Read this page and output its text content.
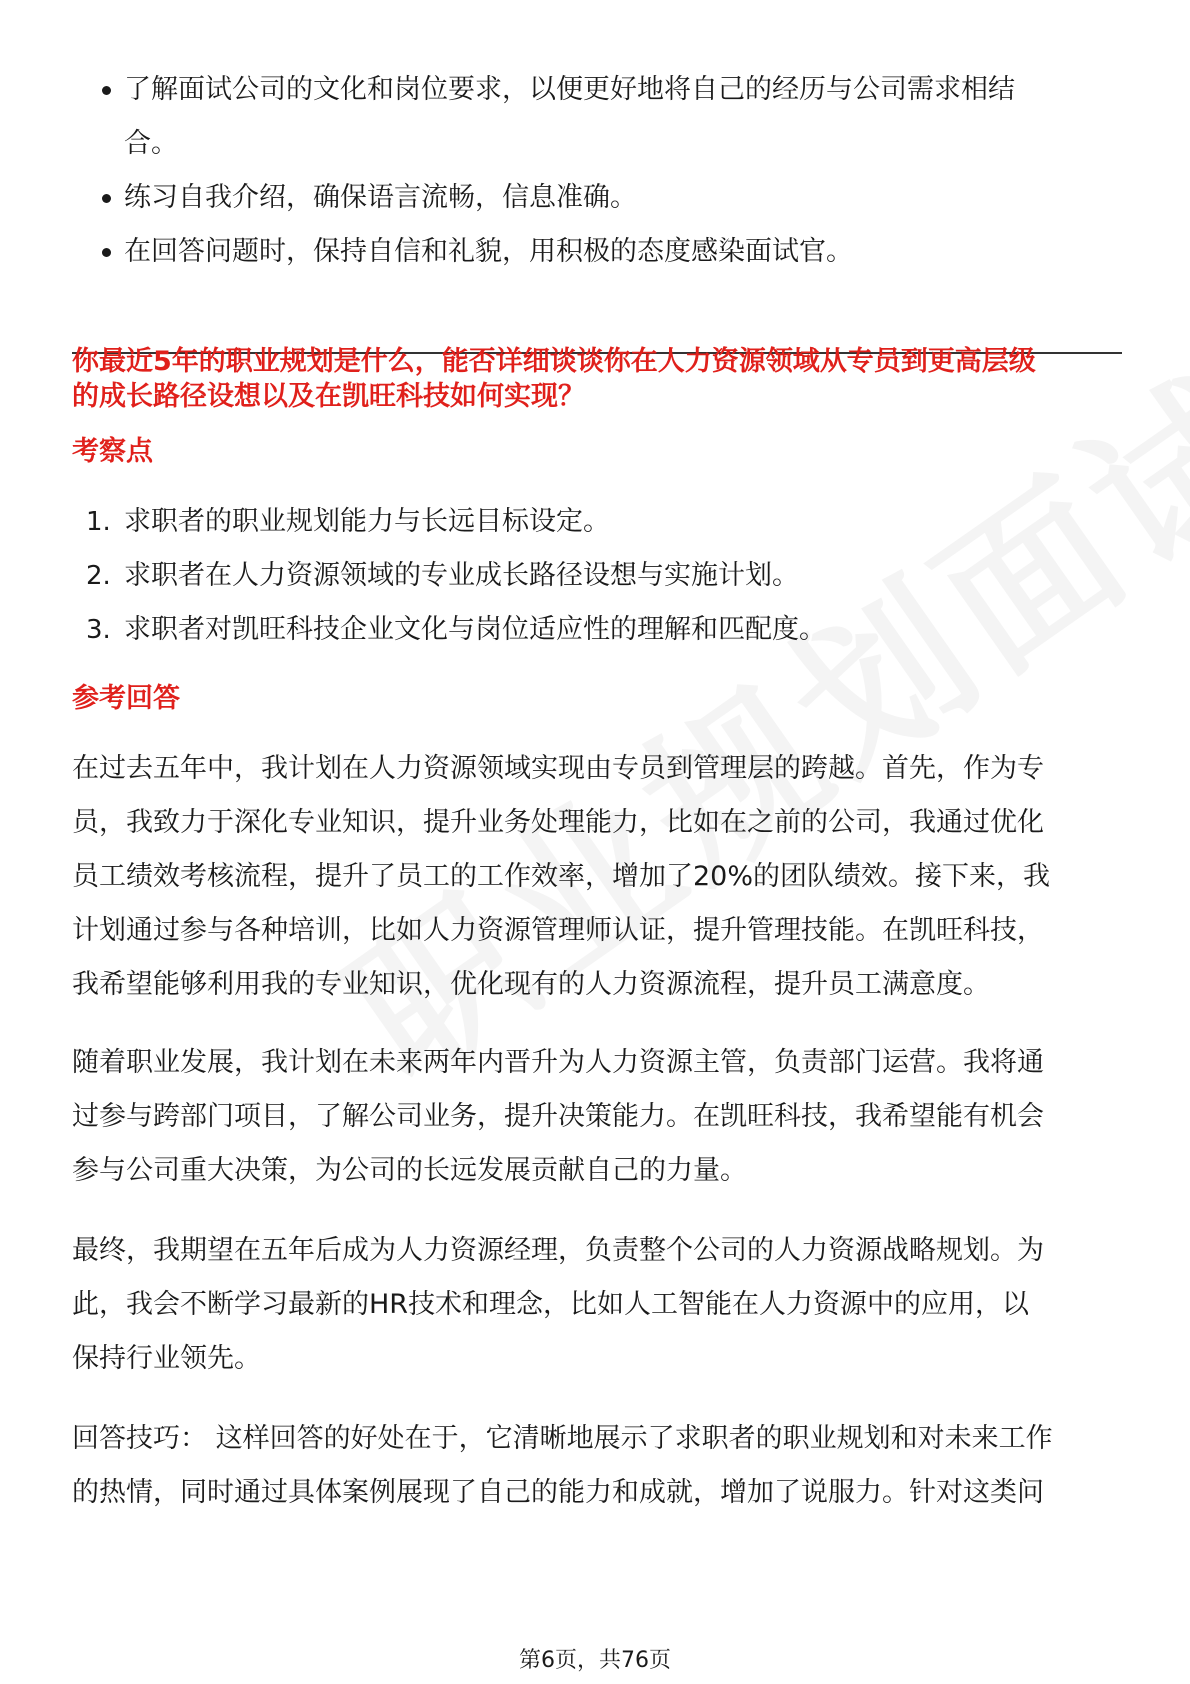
了解面试公司的文化和岗位要求，以便更好地将自己的经历与公司需求相结
合。
练习自我介绍，确保语言流畅，信息准确。
在回答问题时，保持自信和礼貌，用积极的态度感染面试官。
你最近5年的职业规划是什么，能否详细谈谈你在人力资源领域从专员到更高层级
的成长路径设想以及在凯旺科技如何实现？
考察点
1. 求职者的职业规划能力与长远目标设定。
2. 求职者在人力资源领域的专业成长路径设想与实施计划。
3. 求职者对凯旺科技企业文化与岗位适应性的理解和匹配度。
参考回答
在过去五年中，我计划在人力资源领域实现由专员到管理层的跨越。首先，作为专
员，我致力于深化专业知识，提升业务处理能力，比如在之前的公司，我通过优化
员工绩效考核流程，提升了员工的工作效率，增加了20%的团队绩效。接下来，我
计划通过参与各种培训，比如人力资源管理师认证，提升管理技能。在凯旺科技，
我希望能够利用我的专业知识，优化现有的人力资源流程，提升员工满意度。
随着职业发展，我计划在未来两年内晋升为人力资源主管，负责部门运营。我将通
过参与跨部门项目，了解公司业务，提升决策能力。在凯旺科技，我希望能有机会
参与公司重大决策，为公司的长远发展贡献自己的力量。
最终，我期望在五年后成为人力资源经理，负责整个公司的人力资源战略规划。为
此，我会不断学习最新的HR技术和理念，比如人工智能在人力资源中的应用，以
保持行业领先。
回答技巧： 这样回答的好处在于，它清晰地展示了求职者的职业规划和对未来工作
的热情，同时通过具体案例展现了自己的能力和成就，增加了说服力。针对这类问
第6页，共76页
